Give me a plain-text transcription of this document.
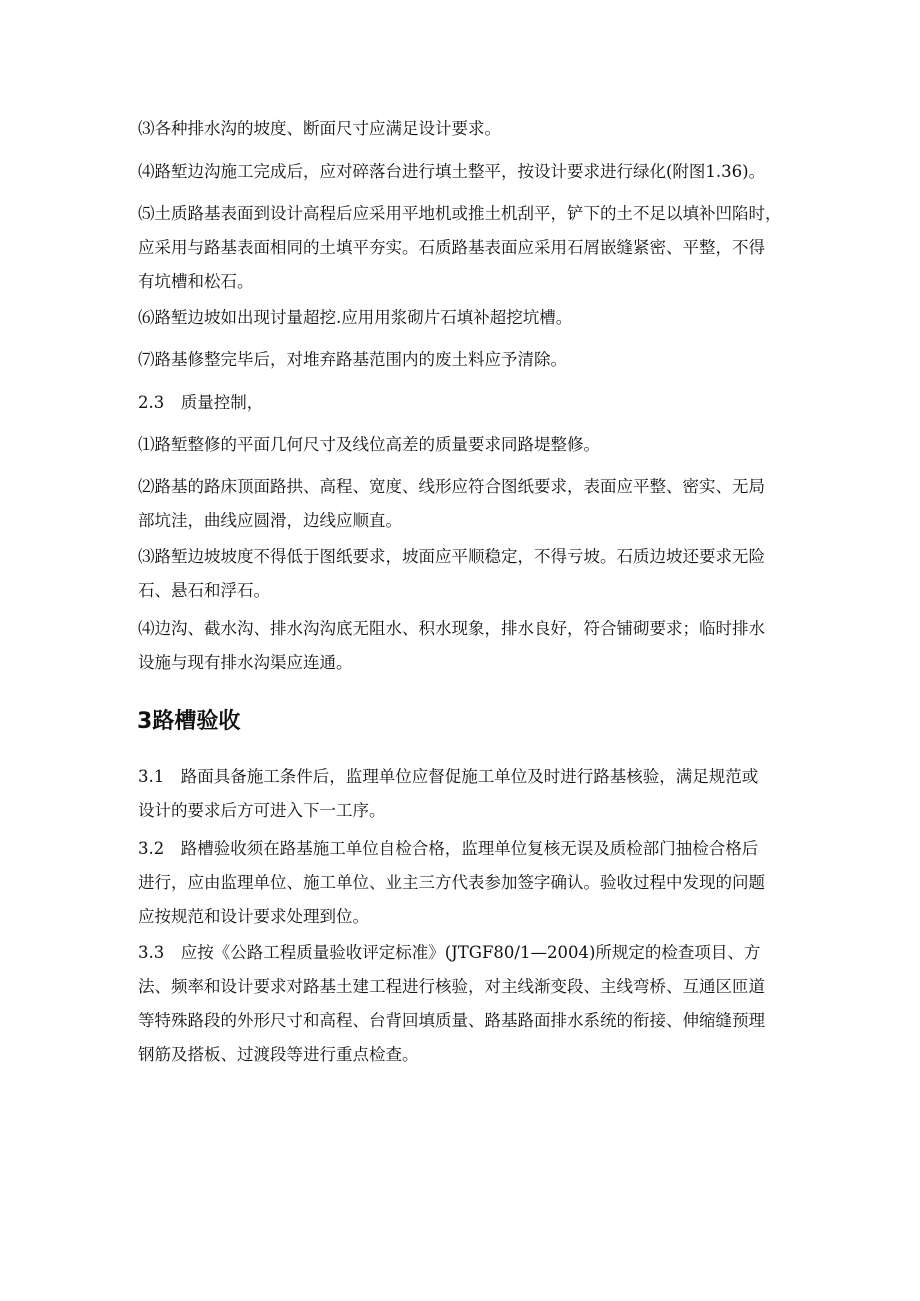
⑶各种排水沟的坡度、断面尺寸应满足设计要求。

⑷路堑边沟施工完成后，应对碎落台进行填土整平，按设计要求进行绿化(附图1.36)。

⑸土质路基表面到设计高程后应采用平地机或推土机刮平，铲下的土不足以填补凹陷时，
应采用与路基表面相同的土填平夯实。石质路基表面应采用石屑嵌缝紧密、平整，不得
有坑槽和松石。

⑹路堑边坡如出现讨量超挖.应用用浆砌片石填补超挖坑槽。

⑺路基修整完毕后，对堆弃路基范围内的废土料应予清除。

2.3　质量控制，

⑴路堑整修的平面几何尺寸及线位高差的质量要求同路堤整修。

⑵路基的路床顶面路拱、高程、宽度、线形应符合图纸要求，表面应平整、密实、无局
部坑洼，曲线应圆滑，边线应顺直。

⑶路堑边坡坡度不得低于图纸要求，坡面应平顺稳定，不得亏坡。石质边坡还要求无险
石、悬石和浮石。

⑷边沟、截水沟、排水沟沟底无阻水、积水现象，排水良好，符合铺砌要求；临时排水
设施与现有排水沟渠应连通。

3路槽验收

3.1　路面具备施工条件后，监理单位应督促施工单位及时进行路基核验，满足规范或
设计的要求后方可进入下一工序。

3.2　路槽验收须在路基施工单位自检合格，监理单位复核无误及质检部门抽检合格后
进行，应由监理单位、施工单位、业主三方代表参加签字确认。验收过程中发现的问题
应按规范和设计要求处理到位。

3.3　应按《公路工程质量验收评定标准》(JTGF80/1—2004)所规定的检查项目、方
法、频率和设计要求对路基土建工程进行核验，对主线渐变段、主线弯桥、互通区匝道
等特殊路段的外形尺寸和高程、台背回填质量、路基路面排水系统的衔接、伸缩缝预理
钢筋及搭板、过渡段等进行重点检查。
